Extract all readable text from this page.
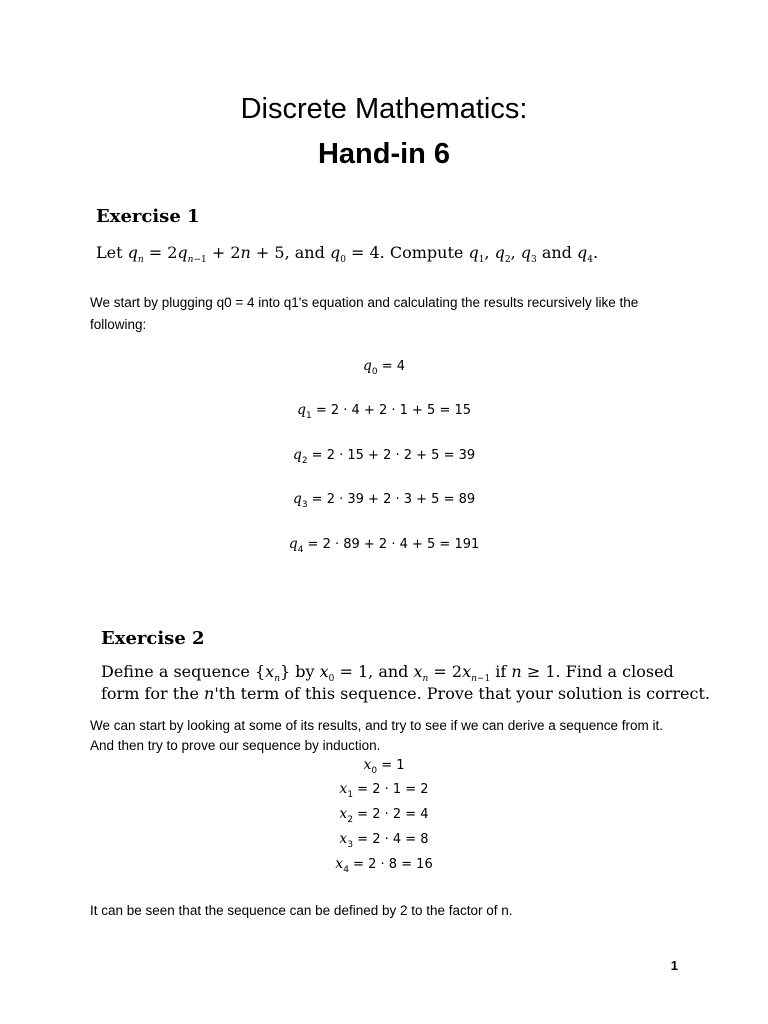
Discrete Mathematics:
Hand-in 6
Exercise 1
Let $q_n = 2q_{n-1} + 2n + 5$, and $q_0 = 4$. Compute $q_1$, $q_2$, $q_3$ and $q_4$.
We start by plugging q0 = 4 into q1's equation and calculating the results recursively like the following:
$q_0 = 4$
$q_1 = 2 \cdot 4 + 2 \cdot 1 + 5 = 15$
$q_2 = 2 \cdot 15 + 2 \cdot 2 + 5 = 39$
$q_3 = 2 \cdot 39 + 2 \cdot 3 + 5 = 89$
$q_4 = 2 \cdot 89 + 2 \cdot 4 + 5 = 191$
Exercise 2
Define a sequence $\{x_n\}$ by $x_0 = 1$, and $x_n = 2x_{n-1}$ if n ≥ 1. Find a closed
form for the n'th term of this sequence. Prove that your solution is correct.
We can start by looking at some of its results, and try to see if we can derive a sequence from it.
And then try to prove our sequence by induction.
$x_0 = 1$
$x_1 = 2 \cdot 1 = 2$
$x_2 = 2 \cdot 2 = 4$
$x_3 = 2 \cdot 4 = 8$
$x_4 = 2 \cdot 8 = 16$
It can be seen that the sequence can be defined by 2 to the factor of n.
1
